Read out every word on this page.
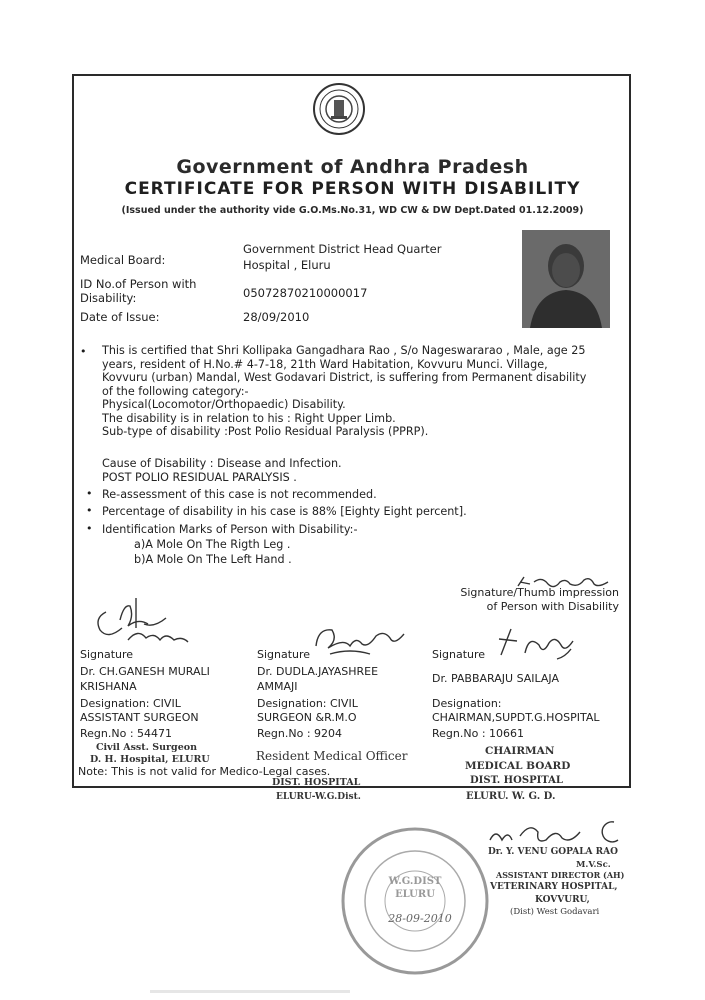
Government of Andhra Pradesh
CERTIFICATE FOR PERSON WITH DISABILITY
(Issued under the authority vide G.O.Ms.No.31, WD CW & DW Dept.Dated 01.12.2009)
Medical Board:
Government District Head Quarter
Hospital , Eluru
ID No.of Person with
Disability:	05072870210000017
Date of Issue:	28/09/2010
• This is certified that Shri Kollipaka Gangadhara Rao , S/o Nageswararao , Male, age 25
years, resident of H.No.# 4-7-18, 21th Ward Habitation, Kovvuru Munci. Village,
Kovvuru (urban) Mandal, West Godavari District, is suffering from Permanent disability
of the following category:-
Physical(Locomotor/Orthopaedic) Disability.
The disability is in relation to his : Right Upper Limb.
Sub-type of disability :Post Polio Residual Paralysis (PPRP).
Cause of Disability : Disease and Infection.
POST POLIO RESIDUAL PARALYSIS .
• Re-assessment of this case is not recommended.
• Percentage of disability in his case is 88% [Eighty Eight percent].
• Identification Marks of Person with Disability:-
a)A Mole On The Rigth Leg .
b)A Mole On The Left Hand .
Signature/Thumb impression
of Person with Disability
Signature
Dr. CH.GANESH MURALI
KRISHANA
Designation: CIVIL
ASSISTANT SURGEON
Regn.No : 54471
Signature
Dr. DUDLA.JAYASHREE
AMMAJI
Designation: CIVIL
SURGEON &R.M.O
Regn.No : 9204
Signature
Dr. PABBARAJU SAILAJA
Designation:
CHAIRMAN,SUPDT.G.HOSPITAL
Regn.No : 10661
Civil Asst. Surgeon
D. H. Hospital, ELURU	Resident Medical Officer
DIST. HOSPITAL
ELURU-W.G.Dist.
CHAIRMAN
MEDICAL BOARD
DIST. HOSPITAL
ELURU. W. G. D.
Note: This is not valid for Medico-Legal cases.
Dr. Y. VENU GOPALA RAO
M.V.Sc.
ASSISTANT DIRECTOR (AH)
VETERINARY HOSPITAL,
KOVVURU,
(Dist) West Godavari
W.G.DIST
ELURU
28-09-2010
